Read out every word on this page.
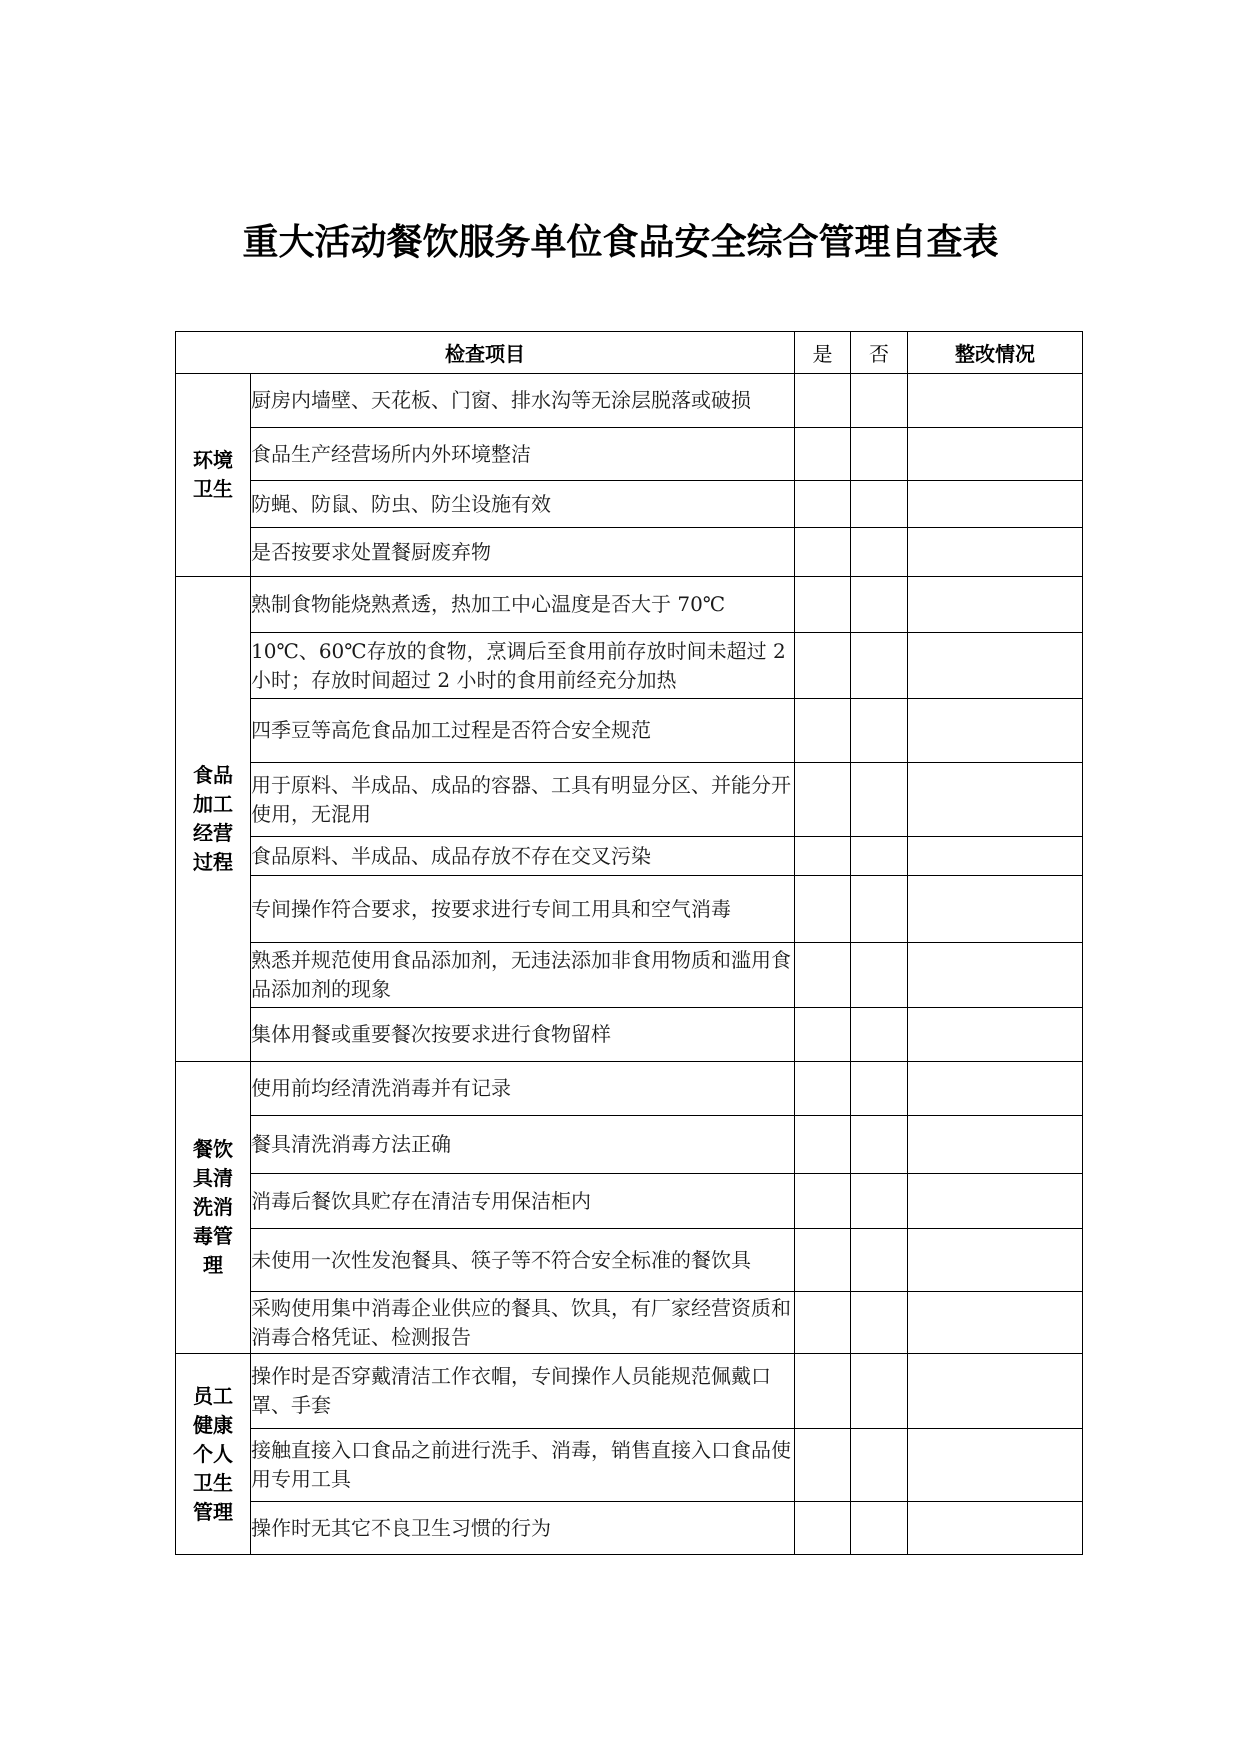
重大活动餐饮服务单位食品安全综合管理自查表
检查项目		是	否	整改情况
环境卫生	厨房内墙壁、天花板、门窗、排水沟等无涂层脱落或破损			
	食品生产经营场所内外环境整洁			
	防蝇、防鼠、防虫、防尘设施有效			
	是否按要求处置餐厨废弃物			
食品加工经营过程	熟制食物能烧熟煮透，热加工中心温度是否大于 70℃			
	10℃、60℃存放的食物，烹调后至食用前存放时间未超过 2 小时；存放时间超过 2 小时的食用前经充分加热			
	四季豆等高危食品加工过程是否符合安全规范			
	用于原料、半成品、成品的容器、工具有明显分区、并能分开使用，无混用			
	食品原料、半成品、成品存放不存在交叉污染			
	专间操作符合要求，按要求进行专间工用具和空气消毒			
	熟悉并规范使用食品添加剂，无违法添加非食用物质和滥用食品添加剂的现象			
	集体用餐或重要餐次按要求进行食物留样			
餐饮具清洗消毒管理	使用前均经清洗消毒并有记录			
	餐具清洗消毒方法正确			
	消毒后餐饮具贮存在清洁专用保洁柜内			
	未使用一次性发泡餐具、筷子等不符合安全标准的餐饮具			
	采购使用集中消毒企业供应的餐具、饮具，有厂家经营资质和消毒合格凭证、检测报告			
员工健康个人卫生管理	操作时是否穿戴清洁工作衣帽，专间操作人员能规范佩戴口罩、手套			
	接触直接入口食品之前进行洗手、消毒，销售直接入口食品使用专用工具			
	操作时无其它不良卫生习惯的行为			
